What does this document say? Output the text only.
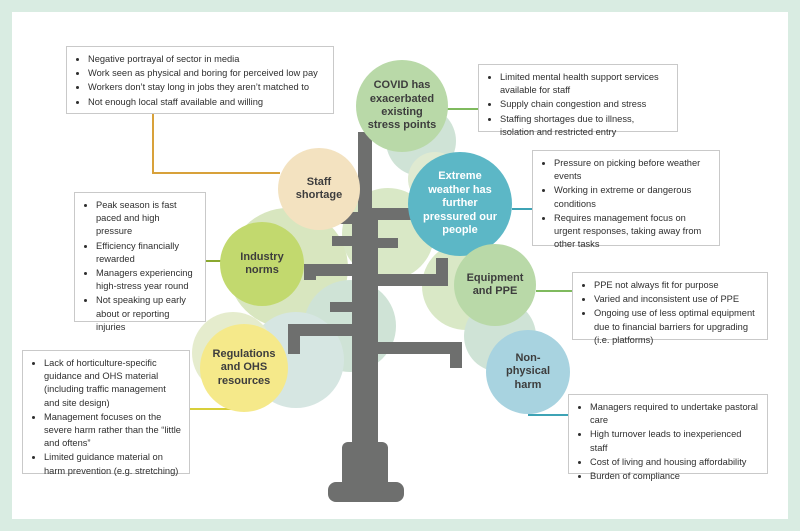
COVID has exacerbated existing stress points
Staff shortage
Extreme weather has further pressured our people
Industry norms
Equipment and PPE
Regulations and OHS resources
Non-physical harm
• Negative portrayal of sector in media
• Work seen as physical and boring for perceived low pay
• Workers don’t stay long in jobs they aren’t matched to
• Not enough local staff available and willing
• Limited mental health support services available for staff
• Supply chain congestion and stress
• Staffing shortages due to illness, isolation and restricted entry
• Pressure on picking before weather events
• Working in extreme or dangerous conditions
• Requires management focus on urgent responses, taking away from other tasks
• Peak season is fast paced and high pressure
• Efficiency financially rewarded
• Managers experiencing high-stress year round
• Not speaking up early about or reporting injuries
• PPE not always fit for purpose
• Varied and inconsistent use of PPE
• Ongoing use of less optimal equipment due to financial barriers for upgrading (i.e. platforms)
• Lack of horticulture-specific guidance and OHS material (including traffic management and site design)
• Management focuses on the severe harm rather than the “little and oftens”
• Limited guidance material on harm prevention (e.g. stretching)
• Managers required to undertake pastoral care
• High turnover leads to inexperienced staff
• Cost of living and housing affordability
• Burden of compliance
